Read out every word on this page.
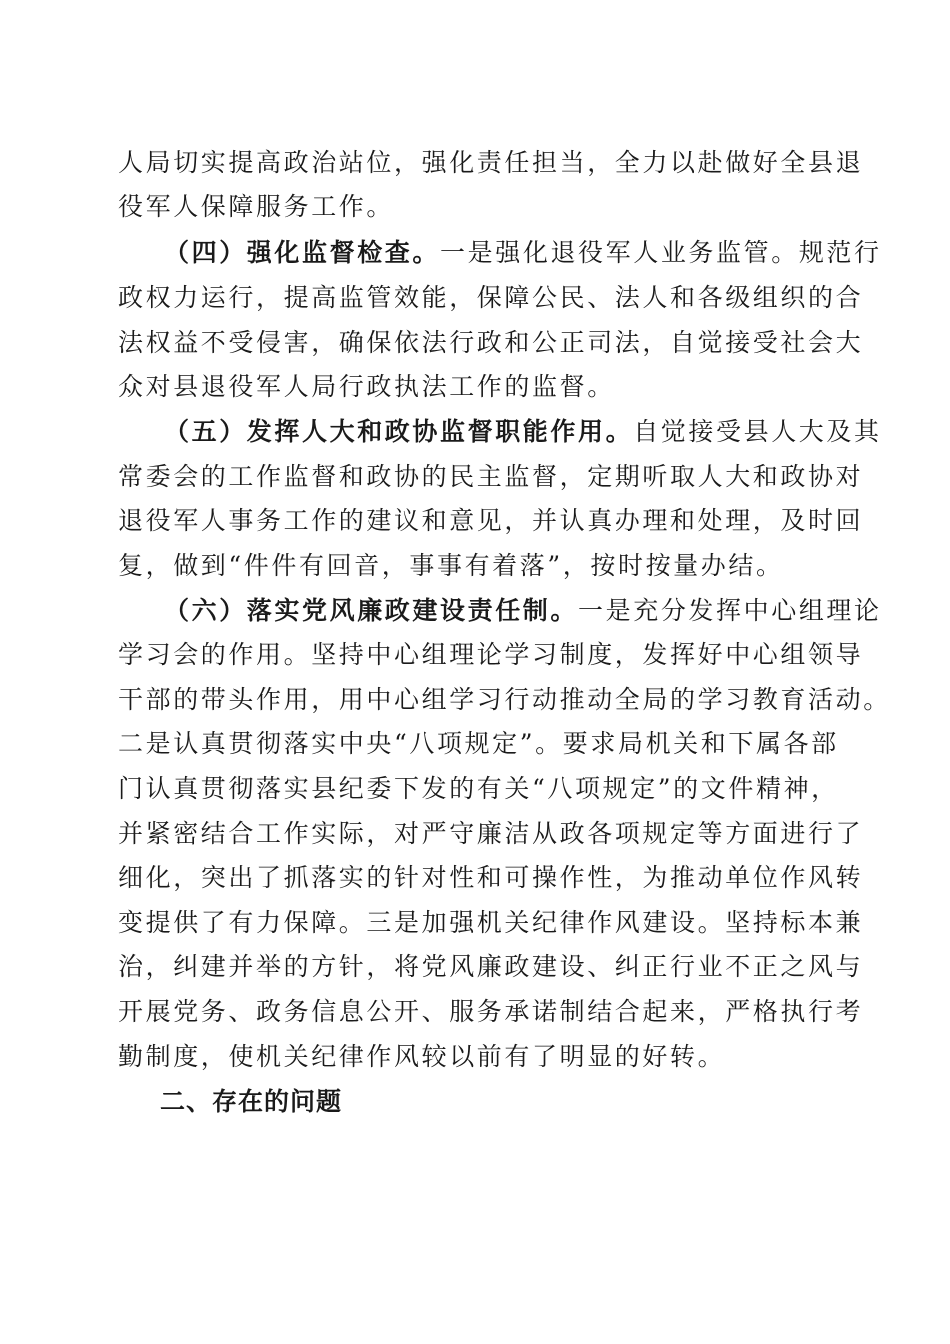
人局切实提高政治站位，强化责任担当，全力以赴做好全县退
役军人保障服务工作。
（四）强化监督检查。一是强化退役军人业务监管。规范行
政权力运行，提高监管效能，保障公民、法人和各级组织的合
法权益不受侵害，确保依法行政和公正司法，自觉接受社会大
众对县退役军人局行政执法工作的监督。
（五）发挥人大和政协监督职能作用。自觉接受县人大及其
常委会的工作监督和政协的民主监督，定期听取人大和政协对
退役军人事务工作的建议和意见，并认真办理和处理，及时回
复，做到“件件有回音，事事有着落”，按时按量办结。
（六）落实党风廉政建设责任制。一是充分发挥中心组理论
学习会的作用。坚持中心组理论学习制度，发挥好中心组领导
干部的带头作用，用中心组学习行动推动全局的学习教育活动。
二是认真贯彻落实中央“八项规定”。要求局机关和下属各部
门认真贯彻落实县纪委下发的有关“八项规定”的文件精神，
并紧密结合工作实际，对严守廉洁从政各项规定等方面进行了
细化，突出了抓落实的针对性和可操作性，为推动单位作风转
变提供了有力保障。三是加强机关纪律作风建设。坚持标本兼
治，纠建并举的方针，将党风廉政建设、纠正行业不正之风与
开展党务、政务信息公开、服务承诺制结合起来，严格执行考
勤制度，使机关纪律作风较以前有了明显的好转。
二、存在的问题
